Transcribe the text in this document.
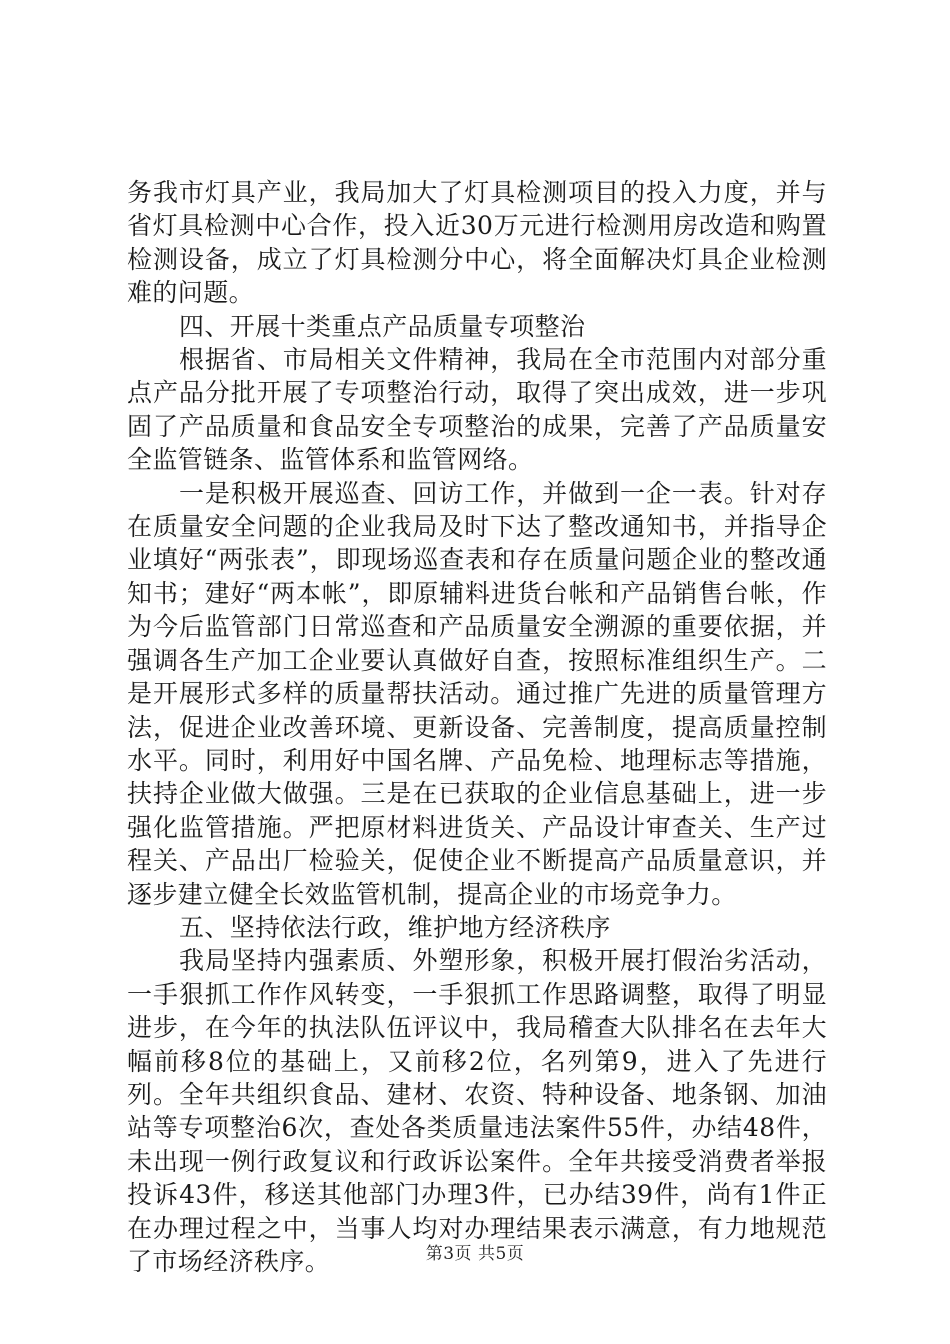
务我市灯具产业，我局加大了灯具检测项目的投入力度，并与省灯具检测中心合作，投入近30万元进行检测用房改造和购置检测设备，成立了灯具检测分中心，将全面解决灯具企业检测难的问题。

四、开展十类重点产品质量专项整治

根据省、市局相关文件精神，我局在全市范围内对部分重点产品分批开展了专项整治行动，取得了突出成效，进一步巩固了产品质量和食品安全专项整治的成果，完善了产品质量安全监管链条、监管体系和监管网络。

一是积极开展巡查、回访工作，并做到一企一表。针对存在质量安全问题的企业我局及时下达了整改通知书，并指导企业填好“两张表”，即现场巡查表和存在质量问题企业的整改通知书；建好“两本帐”，即原辅料进货台帐和产品销售台帐，作为今后监管部门日常巡查和产品质量安全溯源的重要依据，并强调各生产加工企业要认真做好自查，按照标准组织生产。二是开展形式多样的质量帮扶活动。通过推广先进的质量管理方法，促进企业改善环境、更新设备、完善制度，提高质量控制水平。同时，利用好中国名牌、产品免检、地理标志等措施，扶持企业做大做强。三是在已获取的企业信息基础上，进一步强化监管措施。严把原材料进货关、产品设计审查关、生产过程关、产品出厂检验关，促使企业不断提高产品质量意识，并逐步建立健全长效监管机制，提高企业的市场竞争力。

五、坚持依法行政，维护地方经济秩序

我局坚持内强素质、外塑形象，积极开展打假治劣活动，一手狠抓工作作风转变，一手狠抓工作思路调整，取得了明显进步，在今年的执法队伍评议中，我局稽查大队排名在去年大幅前移8位的基础上，又前移2位，名列第9，进入了先进行列。全年共组织食品、建材、农资、特种设备、地条钢、加油站等专项整治6次，查处各类质量违法案件55件，办结48件，未出现一例行政复议和行政诉讼案件。全年共接受消费者举报投诉43件，移送其他部门办理3件，已办结39件，尚有1件正在办理过程之中，当事人均对办理结果表示满意，有力地规范了市场经济秩序。	第3页 共5页
